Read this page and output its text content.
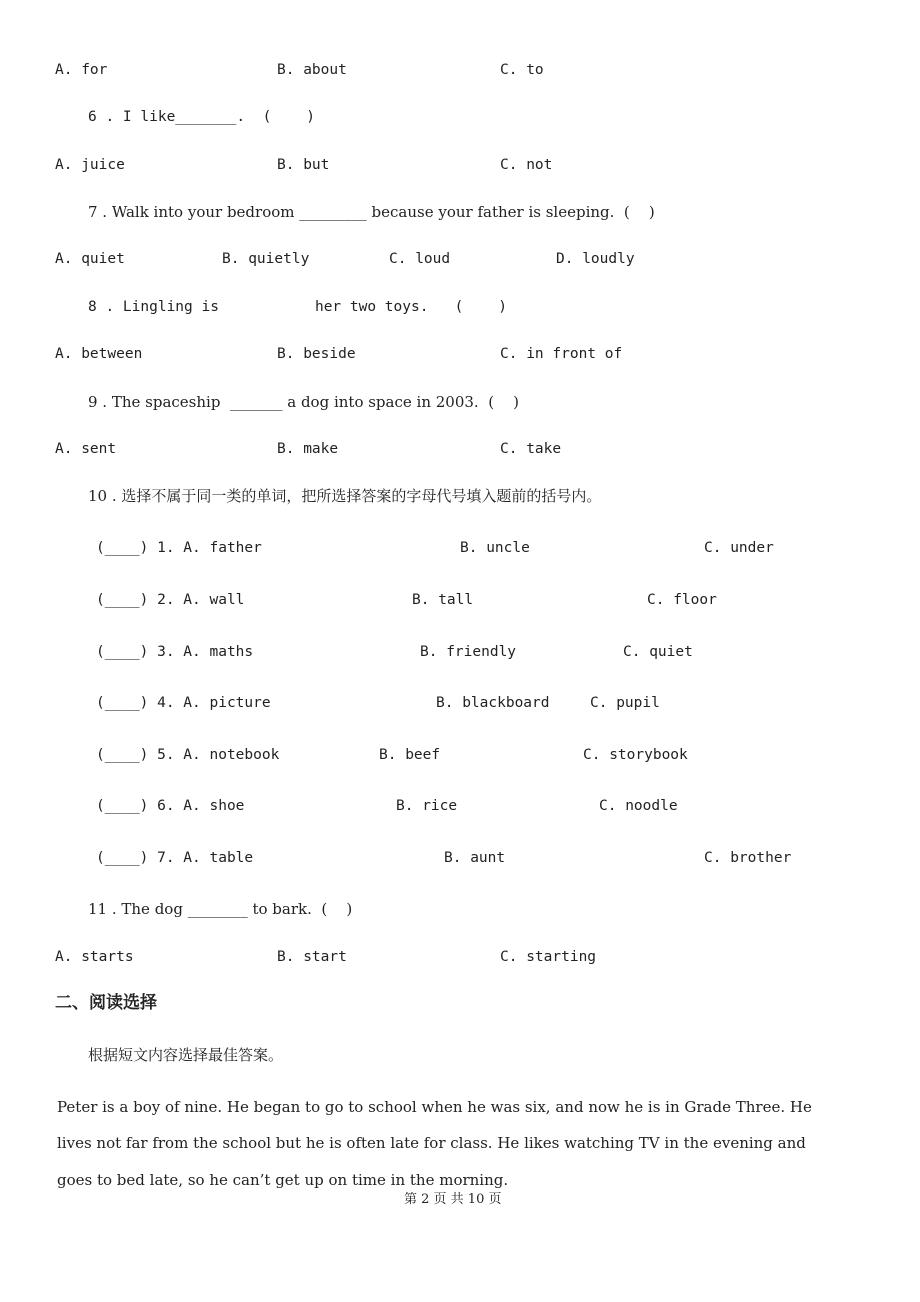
A. for	B. about	C. to
6 . I like_______.  (    )
A. juice	B. but	C. not
7 . Walk into your bedroom _________ because your father is sleeping.  (    )
A. quiet	B. quietly	C. loud	D. loudly
8 . Lingling is           her two toys.   (    )
A. between	B. beside	C. in front of
9 . The spaceship  _______ a dog into space in 2003.  (    )
A. sent	B. make	C. take
10 . 选择不属于同一类的单词，把所选择答案的字母代号填入题前的括号内。
(____) 1. A. father	B. uncle	C. under
(____) 2. A. wall	B. tall	C. floor
(____) 3. A. maths	B. friendly	C. quiet
(____) 4. A. picture	B. blackboard	C. pupil
(____) 5. A. notebook	B. beef	C. storybook
(____) 6. A. shoe	B. rice	C. noodle
(____) 7. A. table	B. aunt	C. brother
11 . The dog ________ to bark.  (    )
A. starts	B. start	C. starting
二、阅读选择
根据短文内容选择最佳答案。
Peter is a boy of nine. He began to go to school when he was six, and now he is in Grade Three. He
lives not far from the school but he is often late for class. He likes watching TV in the evening and
goes to bed late, so he can’t get up on time in the morning.
第 2 页 共 10 页
